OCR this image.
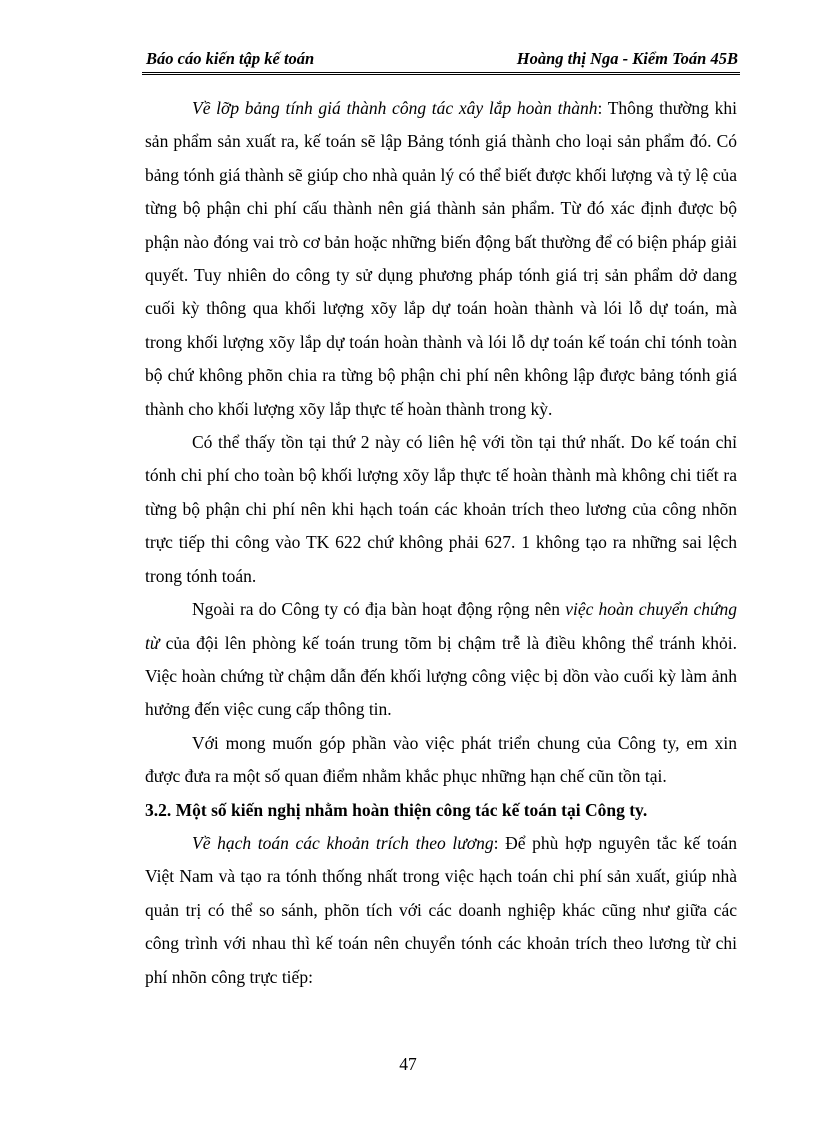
Báo cáo kiến tập kế toán	Hoàng thị Nga - Kiểm Toán 45B

Về lỡp bảng tính giá thành công tác xây lắp hoàn thành: Thông thường khi sản phẩm sản xuất ra, kế toán sẽ lập Bảng tónh giá thành cho loại sản phẩm đó. Có bảng tónh giá thành sẽ giúp cho nhà quản lý có thể biết được khối lượng và tỷ lệ của từng bộ phận chi phí cấu thành nên giá thành sản phẩm. Từ đó xác định được bộ phận nào đóng vai trò cơ bản hoặc những biến động bất thường để có biện pháp giải quyết. Tuy nhiên do công ty sử dụng phương pháp tónh giá trị sản phẩm dở dang cuối kỳ thông qua khối lượng xõy lắp dự toán hoàn thành và lói lỗ dự toán, mà trong khối lượng xõy lắp dự toán hoàn thành và lói lỗ dự toán kế toán chỉ tónh toàn bộ chứ không phõn chia ra từng bộ phận chi phí nên không lập được bảng tónh giá thành cho khối lượng xõy lắp thực tế hoàn thành trong kỳ.

Có thể thấy tồn tại thứ 2 này có liên hệ với tồn tại thứ nhất. Do kế toán chỉ tónh chi phí cho toàn bộ khối lượng xõy lắp thực tế hoàn thành mà không chi tiết ra từng bộ phận chi phí nên khi hạch toán các khoản trích theo lương của công nhõn trực tiếp thi công vào TK 622 chứ không phải 627. 1 không tạo ra những sai lệch trong tónh toán.

Ngoài ra do Công ty có địa bàn hoạt động rộng nên việc hoàn chuyển chứng từ của đội lên phòng kế toán trung tõm bị chậm trễ là điều không thể tránh khỏi. Việc hoàn chứng từ chậm dẫn đến khối lượng công việc bị dồn vào cuối kỳ làm ảnh hưởng đến việc cung cấp thông tin.

Với mong muốn góp phần vào việc phát triển chung của Công ty, em xin được đưa ra một số quan điểm nhằm khắc phục những hạn chế cũn tồn tại.

3.2. Một số kiến nghị nhằm hoàn thiện công tác kế toán tại Công ty.

Về hạch toán các khoản trích theo lương: Để phù hợp nguyên tắc kế toán Việt Nam và tạo ra tónh thống nhất trong việc hạch toán chi phí sản xuất, giúp nhà quản trị có thể so sánh, phõn tích với các doanh nghiệp khác cũng như giữa các công trình với nhau thì kế toán nên chuyển tónh các khoản trích theo lương từ chi phí nhõn công trực tiếp:

47
